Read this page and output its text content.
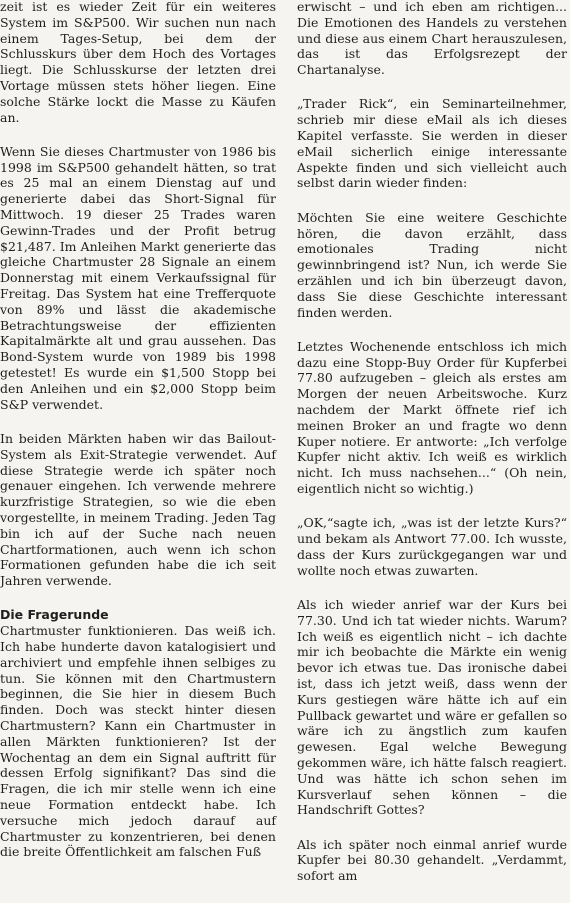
zeit ist es wieder Zeit für ein weiteres System im S&P500. Wir suchen nun nach einem Tages-Setup, bei dem der Schlusskurs über dem Hoch des Vortages liegt. Die Schlusskurse der letzten drei Vortage müssen stets höher liegen. Eine solche Stärke lockt die Masse zu Käufen an.

Wenn Sie dieses Chartmuster von 1986 bis 1998 im S&P500 gehandelt hätten, so trat es 25 mal an einem Dienstag auf und generierte dabei das Short-Signal für Mittwoch. 19 dieser 25 Trades waren Gewinn-Trades und der Profit betrug $21,487. Im Anleihen Markt generierte das gleiche Chartmuster 28 Signale an einem Donnerstag mit einem Verkaufssignal für Freitag. Das System hat eine Trefferquote von 89% und lässt die akademische Betrachtungsweise der effizienten Kapitalmärkte alt und grau aussehen. Das Bond-System wurde von 1989 bis 1998 getestet! Es wurde ein $1,500 Stopp bei den Anleihen und ein $2,000 Stopp beim S&P verwendet.

In beiden Märkten haben wir das Bailout-System als Exit-Strategie verwendet. Auf diese Strategie werde ich später noch genauer eingehen. Ich verwende mehrere kurzfristige Strategien, so wie die eben vorgestellte, in meinem Trading. Jeden Tag bin ich auf der Suche nach neuen Chartformationen, auch wenn ich schon Formationen gefunden habe die ich seit Jahren verwende.

Die Fragerunde

Chartmuster funktionieren. Das weiß ich. Ich habe hunderte davon katalogisiert und archiviert und empfehle ihnen selbiges zu tun. Sie können mit den Chartmustern beginnen, die Sie hier in diesem Buch finden. Doch was steckt hinter diesen Chartmustern? Kann ein Chartmuster in allen Märkten funktionieren? Ist der Wochentag an dem ein Signal auftritt für dessen Erfolg signifikant? Das sind die Fragen, die ich mir stelle wenn ich eine neue Formation entdeckt habe. Ich versuche mich jedoch darauf auf Chartmuster zu konzentrieren, bei denen die breite Öffentlichkeit am falschen Fuß

erwischt – und ich eben am richtigen... Die Emotionen des Handels zu verstehen und diese aus einem Chart herauszulesen, das ist das Erfolgsrezept der Chartanalyse.

„Trader Rick“, ein Seminarteilnehmer, schrieb mir diese eMail als ich dieses Kapitel verfasste. Sie werden in dieser eMail sicherlich einige interessante Aspekte finden und sich vielleicht auch selbst darin wieder finden:

Möchten Sie eine weitere Geschichte hören, die davon erzählt, dass emotionales Trading nicht gewinnbringend ist? Nun, ich werde Sie erzählen und ich bin überzeugt davon, dass Sie diese Geschichte interessant finden werden.

Letztes Wochenende entschloss ich mich dazu eine Stopp-Buy Order für Kupferbei 77.80 aufzugeben – gleich als erstes am Morgen der neuen Arbeitswoche. Kurz nachdem der Markt öffnete rief ich meinen Broker an und fragte wo denn Kuper notiere. Er antworte: „Ich verfolge Kupfer nicht aktiv. Ich weiß es wirklich nicht. Ich muss nachsehen...“ (Oh nein, eigentlich nicht so wichtig.)

„OK,“sagte ich, „was ist der letzte Kurs?“ und bekam als Antwort 77.00. Ich wusste, dass der Kurs zurückgegangen war und wollte noch etwas zuwarten.

Als ich wieder anrief war der Kurs bei 77.30. Und ich tat wieder nichts. Warum? Ich weiß es eigentlich nicht – ich dachte mir ich beobachte die Märkte ein wenig bevor ich etwas tue. Das ironische dabei ist, dass ich jetzt weiß, dass wenn der Kurs gestiegen wäre hätte ich auf ein Pullback gewartet und wäre er gefallen so wäre ich zu ängstlich zum kaufen gewesen. Egal welche Bewegung gekommen wäre, ich hätte falsch reagiert. Und was hätte ich schon sehen im Kursverlauf sehen können – die Handschrift Gottes?

Als ich später noch einmal anrief wurde Kupfer bei 80.30 gehandelt. „Verdammt, sofort am
